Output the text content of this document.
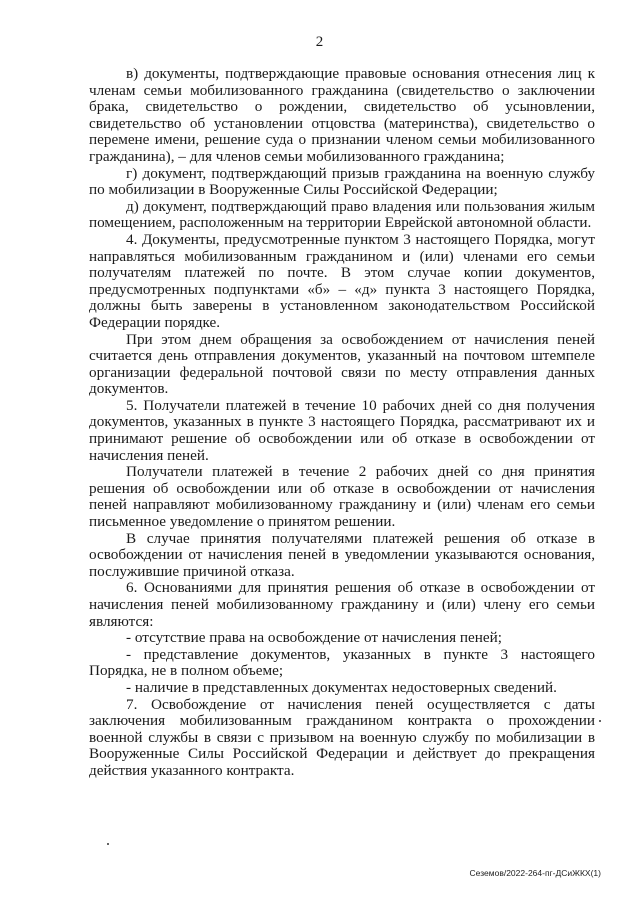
2
в) документы, подтверждающие правовые основания отнесения лиц к
членам семьи мобилизованного гражданина (свидетельство о заключении
брака, свидетельство о рождении, свидетельство об усыновлении,
свидетельство об установлении отцовства (материнства), свидетельство о
перемене имени, решение суда о признании членом семьи мобилизованного
гражданина), – для членов семьи мобилизованного гражданина;
г) документ, подтверждающий призыв гражданина на военную службу
по мобилизации в Вооруженные Силы Российской Федерации;
д) документ, подтверждающий право владения или пользования жилым
помещением, расположенным на территории Еврейской автономной области.
4. Документы, предусмотренные пунктом 3 настоящего Порядка, могут
направляться мобилизованным гражданином и (или) членами его семьи
получателям платежей по почте. В этом случае копии документов,
предусмотренных подпунктами «б» – «д» пункта 3 настоящего Порядка,
должны быть заверены в установленном законодательством Российской
Федерации порядке.
При этом днем обращения за освобождением от начисления пеней
считается день отправления документов, указанный на почтовом штемпеле
организации федеральной почтовой связи по месту отправления данных
документов.
5. Получатели платежей в течение 10 рабочих дней со дня получения
документов, указанных в пункте 3 настоящего Порядка, рассматривают их и
принимают решение об освобождении или об отказе в освобождении от
начисления пеней.
Получатели платежей в течение 2 рабочих дней со дня принятия
решения об освобождении или об отказе в освобождении от начисления
пеней направляют мобилизованному гражданину и (или) членам его семьи
письменное уведомление о принятом решении.
В случае принятия получателями платежей решения об отказе в
освобождении от начисления пеней в уведомлении указываются основания,
послужившие причиной отказа.
6. Основаниями для принятия решения об отказе в освобождении от
начисления пеней мобилизованному гражданину и (или) члену его семьи
являются:
- отсутствие права на освобождение от начисления пеней;
- представление документов, указанных в пункте 3 настоящего
Порядка, не в полном объеме;
- наличие в представленных документах недостоверных сведений.
7. Освобождение от начисления пеней осуществляется с даты
заключения мобилизованным гражданином контракта о прохождении
военной службы в связи с призывом на военную службу по мобилизации в
Вооруженные Силы Российской Федерации и действует до прекращения
действия указанного контракта.
Сеземов/2022-264-пг-ДСиЖКХ(1)
